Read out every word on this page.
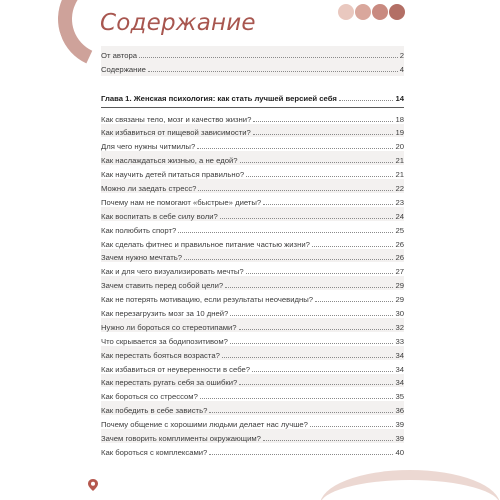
Содержание
От автора	2
Содержание	4
Глава 1. Женская психология: как стать лучшей версией себя	14
Как связаны тело, мозг и качество жизни?	18
Как избавиться от пищевой зависимости?	19
Для чего нужны читмилы?	20
Как наслаждаться жизнью, а не едой?	21
Как научить детей питаться правильно?	21
Можно ли заедать стресс?	22
Почему нам не помогают «быстрые» диеты?	23
Как воспитать в себе силу воли?	24
Как полюбить спорт?	25
Как сделать фитнес и правильное питание частью жизни?	26
Зачем нужно мечтать?	26
Как и для чего визуализировать мечты?	27
Зачем ставить перед собой цели?	29
Как не потерять мотивацию, если результаты неочевидны?	29
Как перезагрузить мозг за 10 дней?	30
Нужно ли бороться со стереотипами?	32
Что скрывается за бодипозитивом?	33
Как перестать бояться возраста?	34
Как избавиться от неуверенности в себе?	34
Как перестать ругать себя за ошибки?	34
Как бороться со стрессом?	35
Как победить в себе зависть?	36
Почему общение с хорошими людьми делает нас лучше?	39
Зачем говорить комплименты окружающим?	39
Как бороться с комплексами?	40
